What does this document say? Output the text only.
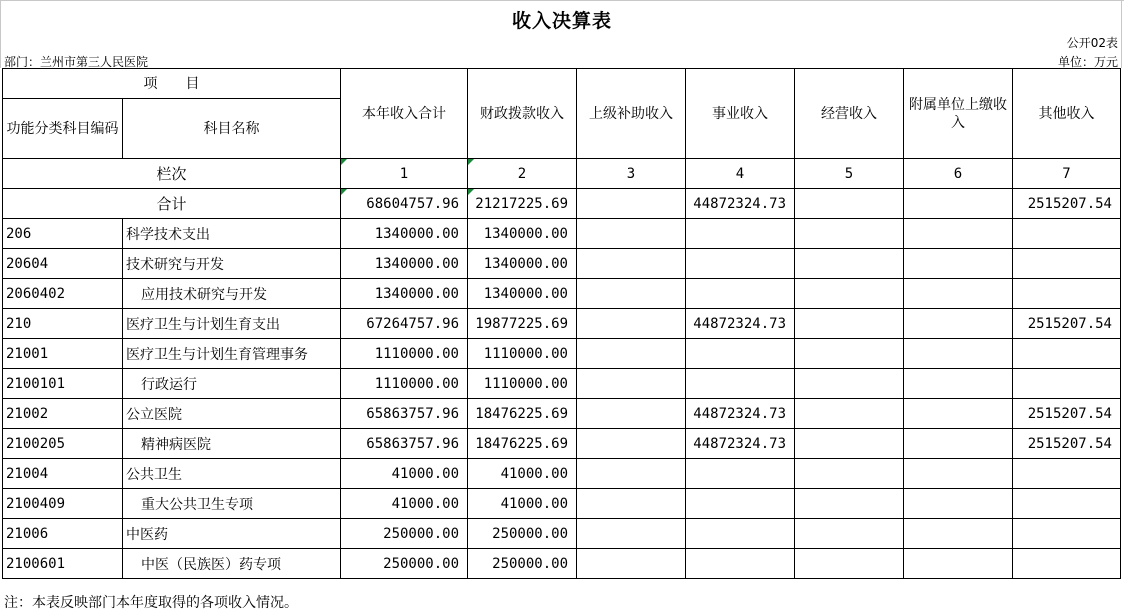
收入决算表
公开02表
部门：兰州市第三人民医院	单位：万元
项　　目		本年收入合计	财政拨款收入	上级补助收入	事业收入	经营收入	附属单位上缴收入	其他收入
功能分类科目编码	科目名称							
栏次		1	2	3	4	5	6	7
合计		68604757.96	21217225.69		44872324.73			2515207.54
206	科学技术支出	1340000.00	1340000.00					
20604	技术研究与开发	1340000.00	1340000.00					
2060402	应用技术研究与开发	1340000.00	1340000.00					
210	医疗卫生与计划生育支出	67264757.96	19877225.69		44872324.73			2515207.54
21001	医疗卫生与计划生育管理事务	1110000.00	1110000.00					
2100101	行政运行	1110000.00	1110000.00					
21002	公立医院	65863757.96	18476225.69		44872324.73			2515207.54
2100205	精神病医院	65863757.96	18476225.69		44872324.73			2515207.54
21004	公共卫生	41000.00	41000.00					
2100409	重大公共卫生专项	41000.00	41000.00					
21006	中医药	250000.00	250000.00					
2100601	中医（民族医）药专项	250000.00	250000.00					
注：本表反映部门本年度取得的各项收入情况。
